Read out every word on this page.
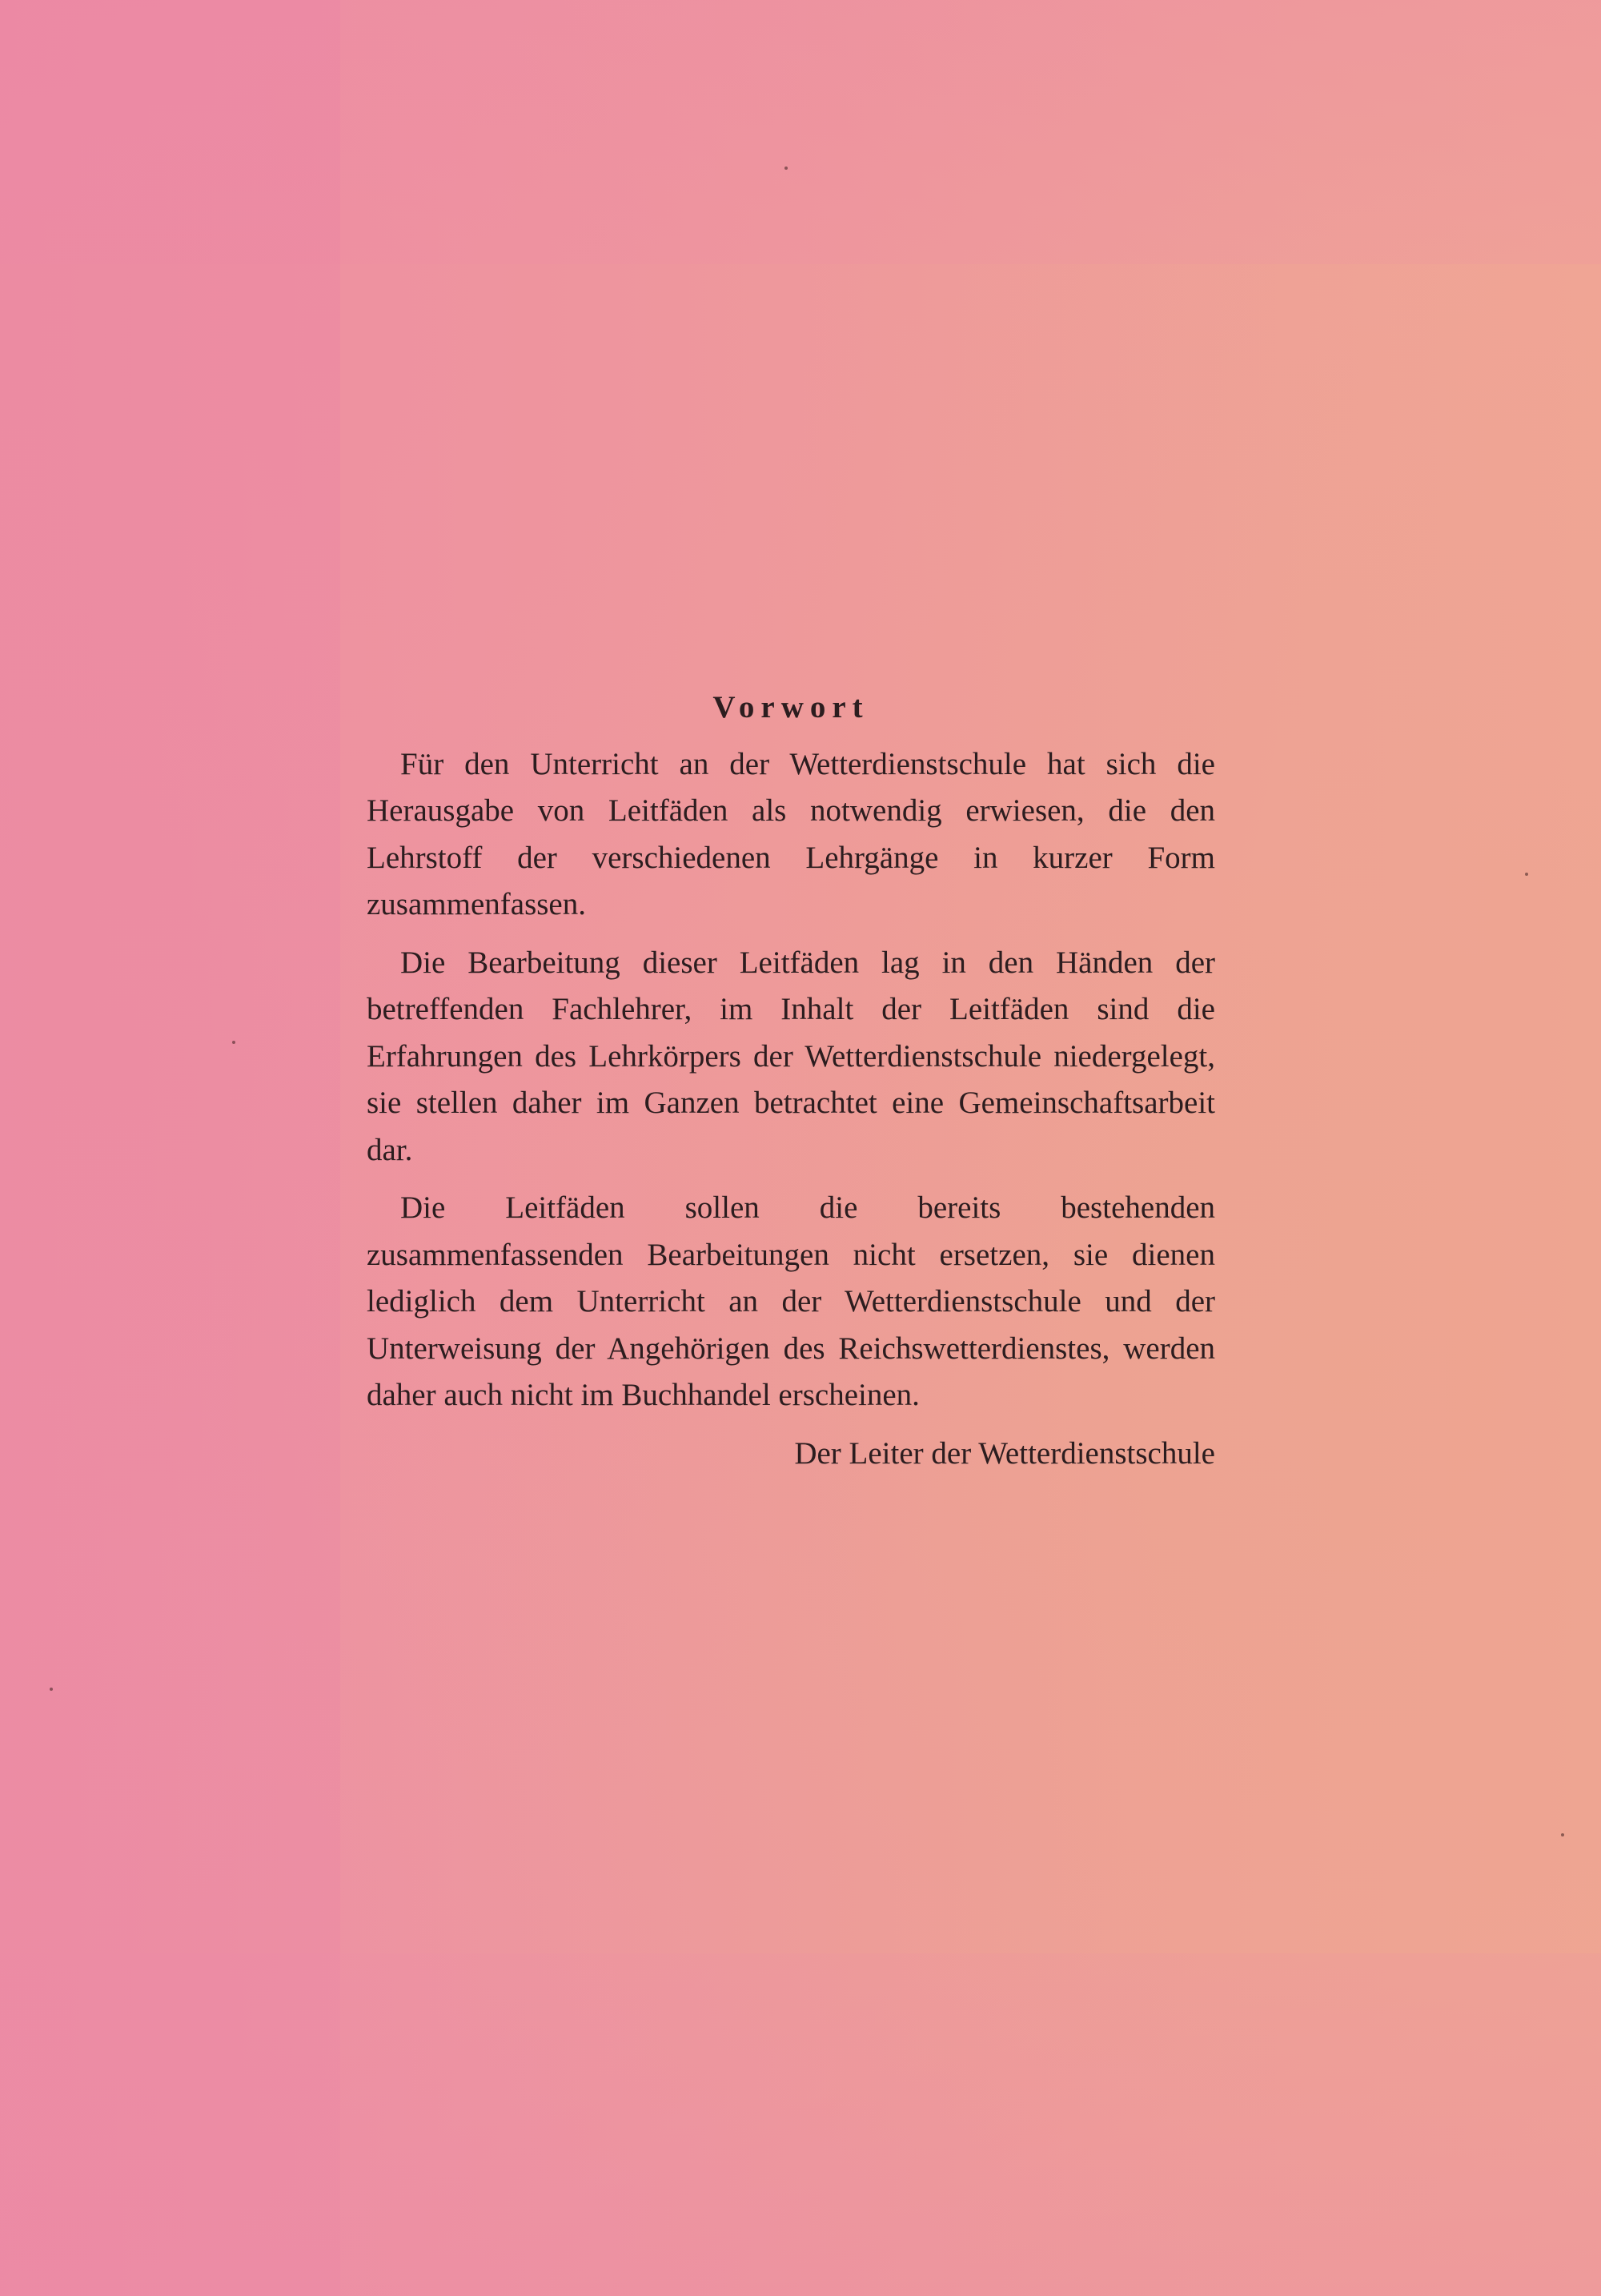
Vorwort

Für den Unterricht an der Wetterdienstschule hat sich die Herausgabe von Leitfäden als notwendig erwiesen, die den Lehrstoff der verschiedenen Lehrgänge in kurzer Form zusammenfassen.

Die Bearbeitung dieser Leitfäden lag in den Händen der betreffenden Fachlehrer, im Inhalt der Leitfäden sind die Erfahrungen des Lehrkörpers der Wetterdienstschule niedergelegt, sie stellen daher im Ganzen betrachtet eine Gemeinschaftsarbeit dar.

Die Leitfäden sollen die bereits bestehenden zusammenfassenden Bearbeitungen nicht ersetzen, sie dienen lediglich dem Unterricht an der Wetterdienstschule und der Unterweisung der Angehörigen des Reichswetterdienstes, werden daher auch nicht im Buchhandel erscheinen.

Der Leiter der Wetterdienstschule
